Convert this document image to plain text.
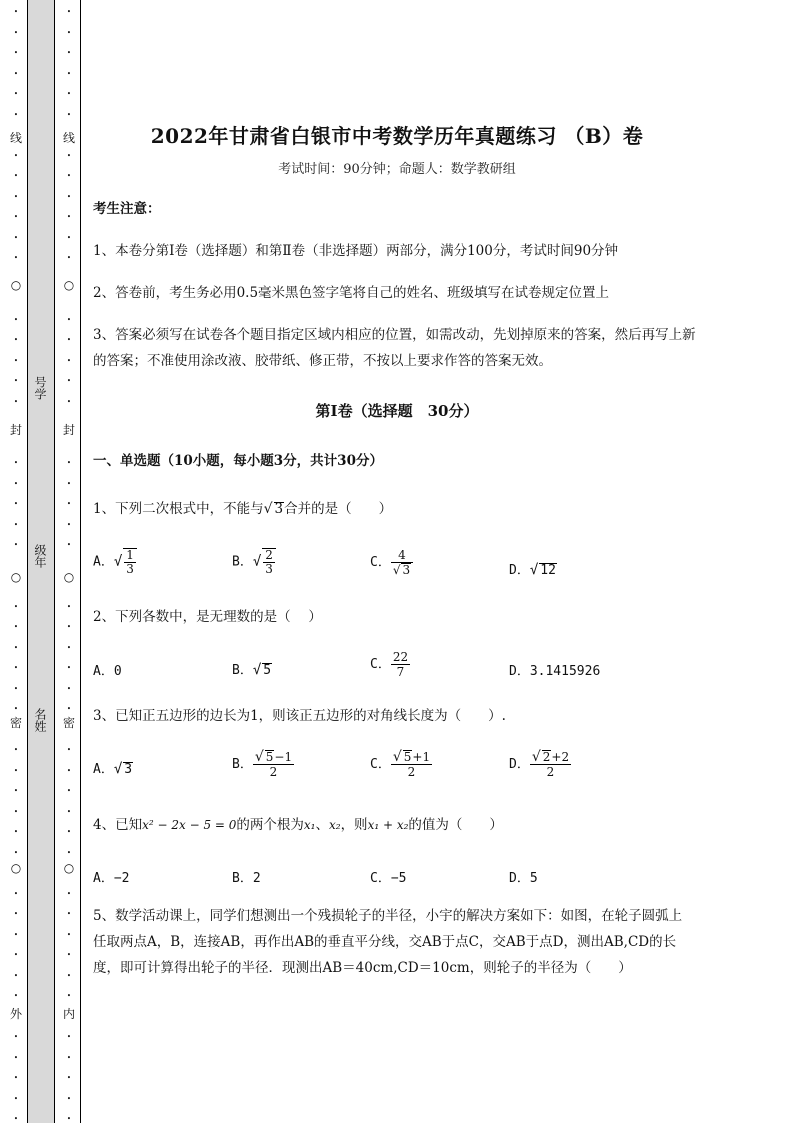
•
•
•
•
•
•
•
•
•
•
•
•
•
•
•
•
•
•
•
•
•
•
•
•
•
•
•
•
•
•
•
•
•
•
•
•
•
•
•
•
•
•
•
•
•
线
○
封
○
密
○
外
•
•
•
•
•
•
•
•
•
•
•
•
•
•
•
•
•
•
•
•
•
•
•
•
•
•
•
•
•
•
•
•
•
•
•
•
•
•
•
•
•
•
•
•
•
线
○
封
○
密
○
内
号学
级年
名姓
2022年甘肃省白银市中考数学历年真题练习 （B）卷
考试时间：90分钟；命题人：数学教研组
考生注意：
1、本卷分第I卷（选择题）和第Ⅱ卷（非选择题）两部分，满分100分，考试时间90分钟
2、答卷前，考生务必用0.5毫米黑色签字笔将自己的姓名、班级填写在试卷规定位置上
3、答案必须写在试卷各个题目指定区域内相应的位置，如需改动，先划掉原来的答案，然后再写上新
的答案；不准使用涂改液、胶带纸、修正带，不按以上要求作答的答案无效。
第I卷（选择题　30分）
一、单选题（10小题，每小题3分，共计30分）
1、下列二次根式中，不能与√ 3合并的是（　　）
A．√ $\frac{1}{3}$	B．√ $\frac{2}{3}$	C． $\frac{4}{√ 3}$	D．√ 12
2、下列各数中，是无理数的是（　 ）
A．0	B．√ 5	C． $\frac{22}{7}$	D．3.1415926
3、已知正五边形的边长为1，则该正五边形的对角线长度为（　　）.
A．√ 3	B． $\frac{√ 5-1}{2}$	C． $\frac{√ 5+1}{2}$	D． $\frac{√ 2+2}{2}$
4、已知x² − 2x − 5 = 0的两个根为x₁、x₂，则x₁ + x₂的值为（　　）
A．−2	B．2	C．−5	D．5
5、数学活动课上，同学们想测出一个残损轮子的半径，小宇的解决方案如下：如图，在轮子圆弧上
任取两点A，B，连接AB，再作出AB的垂直平分线，交AB于点C，交AB于点D，测出AB,CD的长
度，即可计算得出轮子的半径．现测出AB＝40cm,CD＝10cm，则轮子的半径为（　　）
